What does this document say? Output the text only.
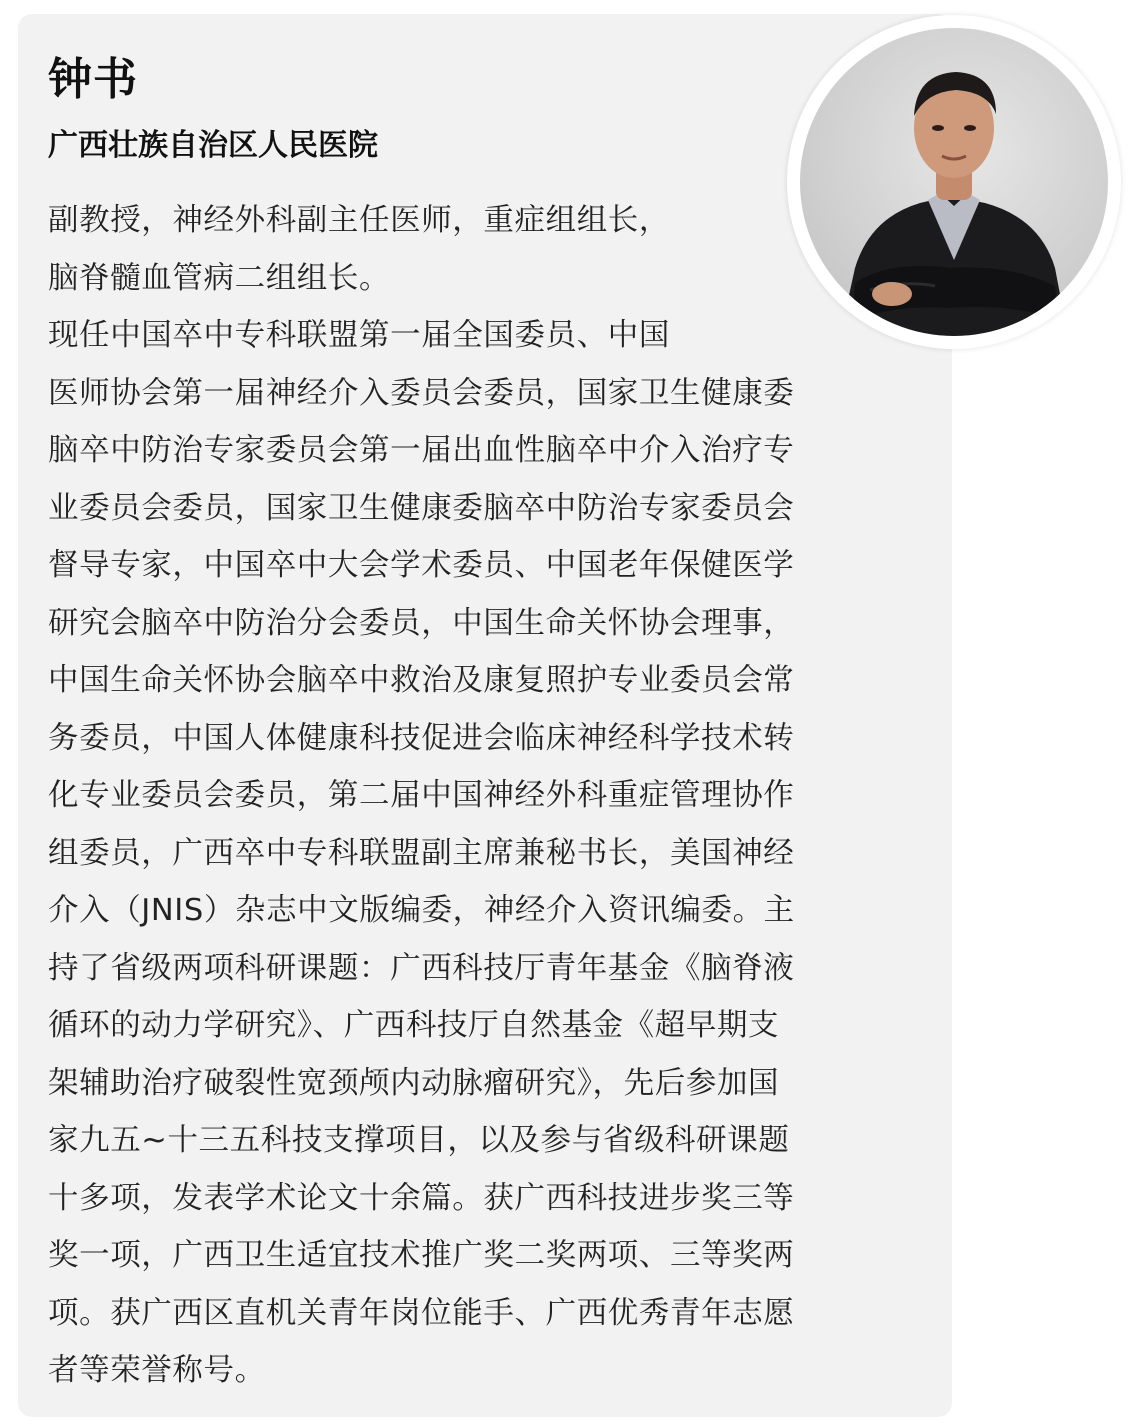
钟书
广西壮族自治区人民医院
副教授，神经外科副主任医师，重症组组长，
脑脊髓血管病二组组长。
现任中国卒中专科联盟第一届全国委员、中国
医师协会第一届神经介入委员会委员，国家卫生健康委
脑卒中防治专家委员会第一届出血性脑卒中介入治疗专
业委员会委员，国家卫生健康委脑卒中防治专家委员会
督导专家，中国卒中大会学术委员、中国老年保健医学
研究会脑卒中防治分会委员，中国生命关怀协会理事，
中国生命关怀协会脑卒中救治及康复照护专业委员会常
务委员，中国人体健康科技促进会临床神经科学技术转
化专业委员会委员，第二届中国神经外科重症管理协作
组委员，广西卒中专科联盟副主席兼秘书长，美国神经
介入（JNIS）杂志中文版编委，神经介入资讯编委。主
持了省级两项科研课题：广西科技厅青年基金《脑脊液
循环的动力学研究》、广西科技厅自然基金《超早期支
架辅助治疗破裂性宽颈颅内动脉瘤研究》，先后参加国
家九五~十三五科技支撑项目，以及参与省级科研课题
十多项，发表学术论文十余篇。获广西科技进步奖三等
奖一项，广西卫生适宜技术推广奖二奖两项、三等奖两
项。获广西区直机关青年岗位能手、广西优秀青年志愿
者等荣誉称号。
